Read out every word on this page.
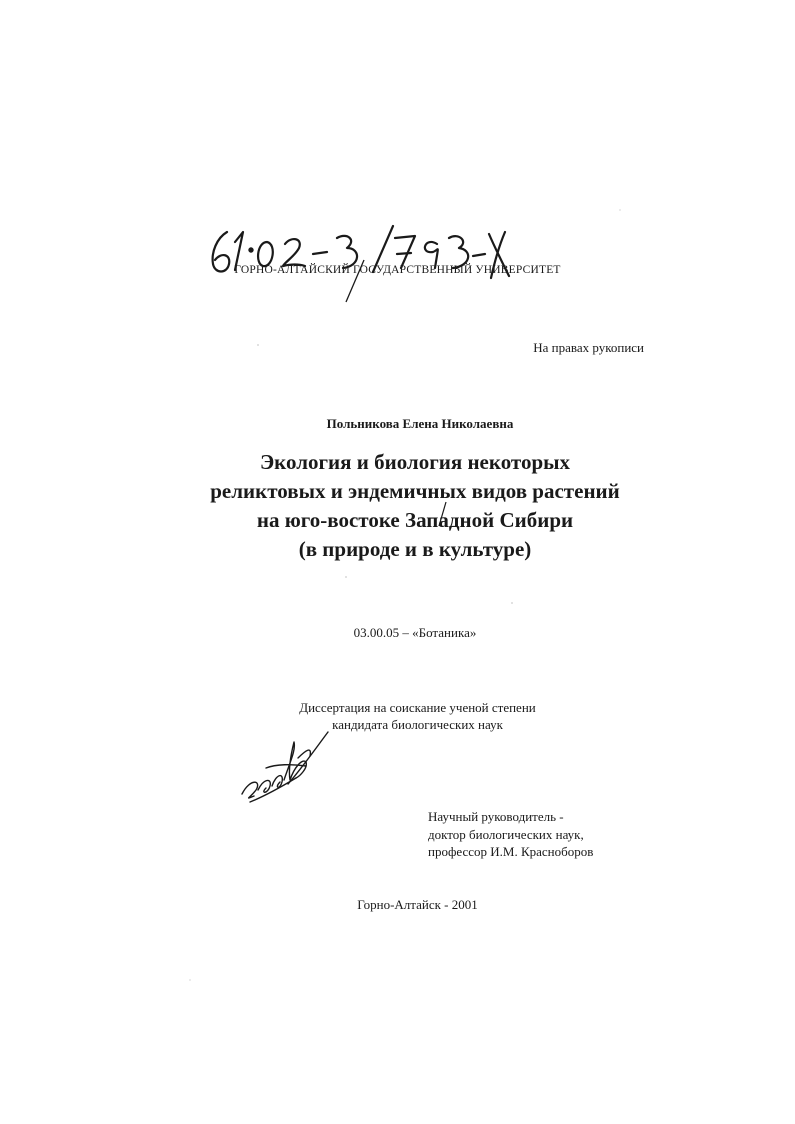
ГОРНО-АЛТАЙСКИЙ ГОСУДАРСТВЕННЫЙ УНИВЕРСИТЕТ
На правах рукописи
Польникова Елена Николаевна
Экология и биология некоторых
реликтовых и эндемичных видов растений
на юго-востоке Западной Сибири
(в природе и в культуре)
03.00.05 – «Ботаника»
Диссертация на соискание ученой степени
кандидата биологических наук
Научный руководитель -
доктор биологических наук,
профессор И.М. Красноборов
Горно-Алтайск - 2001
